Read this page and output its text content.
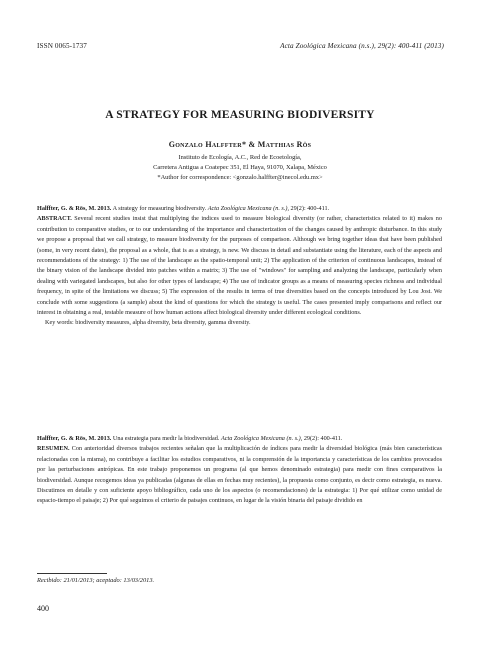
ISSN 0065-1737	Acta Zoológica Mexicana (n.s.), 29(2): 400-411 (2013)
A STRATEGY FOR MEASURING BIODIVERSITY
Gonzalo Halffter* & Matthias Rös
Instituto de Ecología, A.C., Red de Ecoetología,
Carretera Antigua a Coatepec 351, El Haya, 91070, Xalapa, México
*Author for correspondence: <gonzalo.halffter@inecol.edu.mx>

Halffter, G. & Rös, M. 2013. A strategy for measuring biodiversity. Acta Zoológica Mexicana (n. s.), 29(2): 400-411.

ABSTRACT. Several recent studies insist that multiplying the indices used to measure biological diversity (or rather, characteristics related to it) makes no contribution to comparative studies, or to our understanding of the importance and characterization of the changes caused by anthropic disturbance. In this study we propose a proposal that we call strategy, to measure biodiversity for the purposes of comparison. Although we bring together ideas that have been published (some, in very recent dates), the proposal as a whole, that is as a strategy, is new. We discuss in detail and substantiate using the literature, each of the aspects and recommendations of the strategy: 1) The use of the landscape as the spatio-temporal unit; 2) The application of the criterion of continuous landscapes, instead of the binary vision of the landscape divided into patches within a matrix; 3) The use of "windows" for sampling and analyzing the landscape, particularly when dealing with variegated landscapes, but also for other types of landscape; 4) The use of indicator groups as a means of measuring species richness and individual frequency, in spite of the limitations we discuss; 5) The expression of the results in terms of true diversities based on the concepts introduced by Lou Jost. We conclude with some suggestions (a sample) about the kind of questions for which the strategy is useful. The cases presented imply comparisons and reflect our interest in obtaining a real, testable measure of how human actions affect biological diversity under different ecological conditions.

Key words: biodiversity measures, alpha diversity, beta diversity, gamma diversity.

Halffter, G. & Rös, M. 2013. Una estrategia para medir la biodiversidad. Acta Zoológica Mexicana (n. s.), 29(2): 400-411.

RESUMEN. Con anterioridad diversos trabajos recientes señalan que la multiplicación de índices para medir la diversidad biológica (más bien características relacionadas con la misma), no contribuye a facilitar los estudios comparativos, ni la comprensión de la importancia y características de los cambios provocados por las perturbaciones antrópicas. En este trabajo proponemos un programa (al que hemos denominado estrategia) para medir con fines comparativos la biodiversidad. Aunque recogemos ideas ya publicadas (algunas de ellas en fechas muy recientes), la propuesta como conjunto, es decir como estrategia, es nueva. Discutimos en detalle y con suficiente apoyo bibliográfico, cada uno de los aspectos (o recomendaciones) de la estrategia: 1) Por qué utilizar como unidad de espacio-tiempo el paisaje; 2) Por qué seguimos el criterio de paisajes continuos, en lugar de la visión binaria del paisaje dividido en

Recibido: 21/01/2013; aceptado: 13/03/2013.
400
